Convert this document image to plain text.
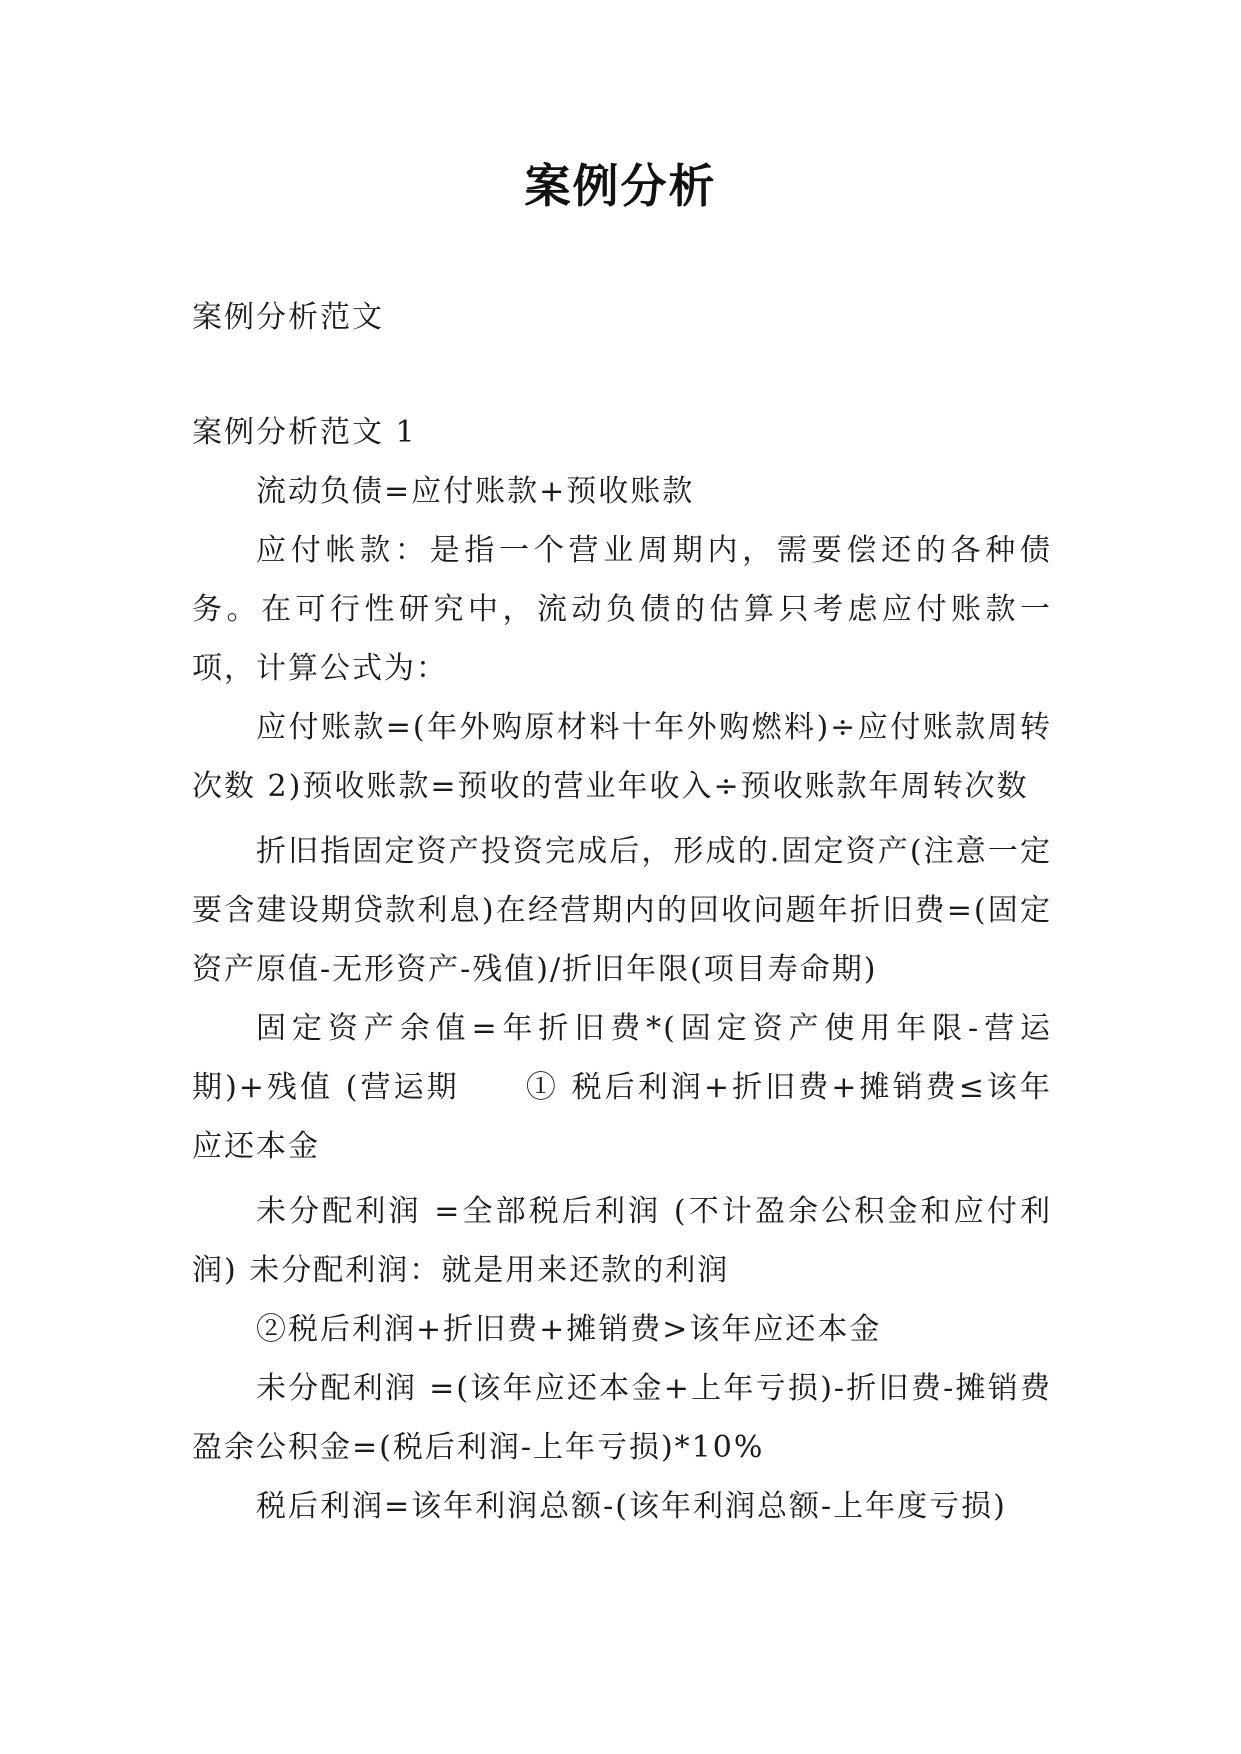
案例分析
案例分析范文

案例分析范文 1

流动负债=应付账款+预收账款

应付帐款：是指一个营业周期内，需要偿还的各种债务。在可行性研究中，流动负债的估算只考虑应付账款一项，计算公式为：

应付账款=(年外购原材料十年外购燃料)÷应付账款周转次数 2)预收账款=预收的营业年收入÷预收账款年周转次数

折旧指固定资产投资完成后，形成的.固定资产(注意一定要含建设期贷款利息)在经营期内的回收问题年折旧费=(固定资产原值-无形资产-残值)/折旧年限(项目寿命期)

固定资产余值=年折旧费*(固定资产使用年限-营运期)+残值 (营运期　　① 税后利润+折旧费+摊销费≤该年应还本金

未分配利润 =全部税后利润 (不计盈余公积金和应付利润) 未分配利润：就是用来还款的利润

②税后利润+折旧费+摊销费>该年应还本金

未分配利润 =(该年应还本金+上年亏损)-折旧费-摊销费 盈余公积金=(税后利润-上年亏损)*10%

税后利润=该年利润总额-(该年利润总额-上年度亏损)
